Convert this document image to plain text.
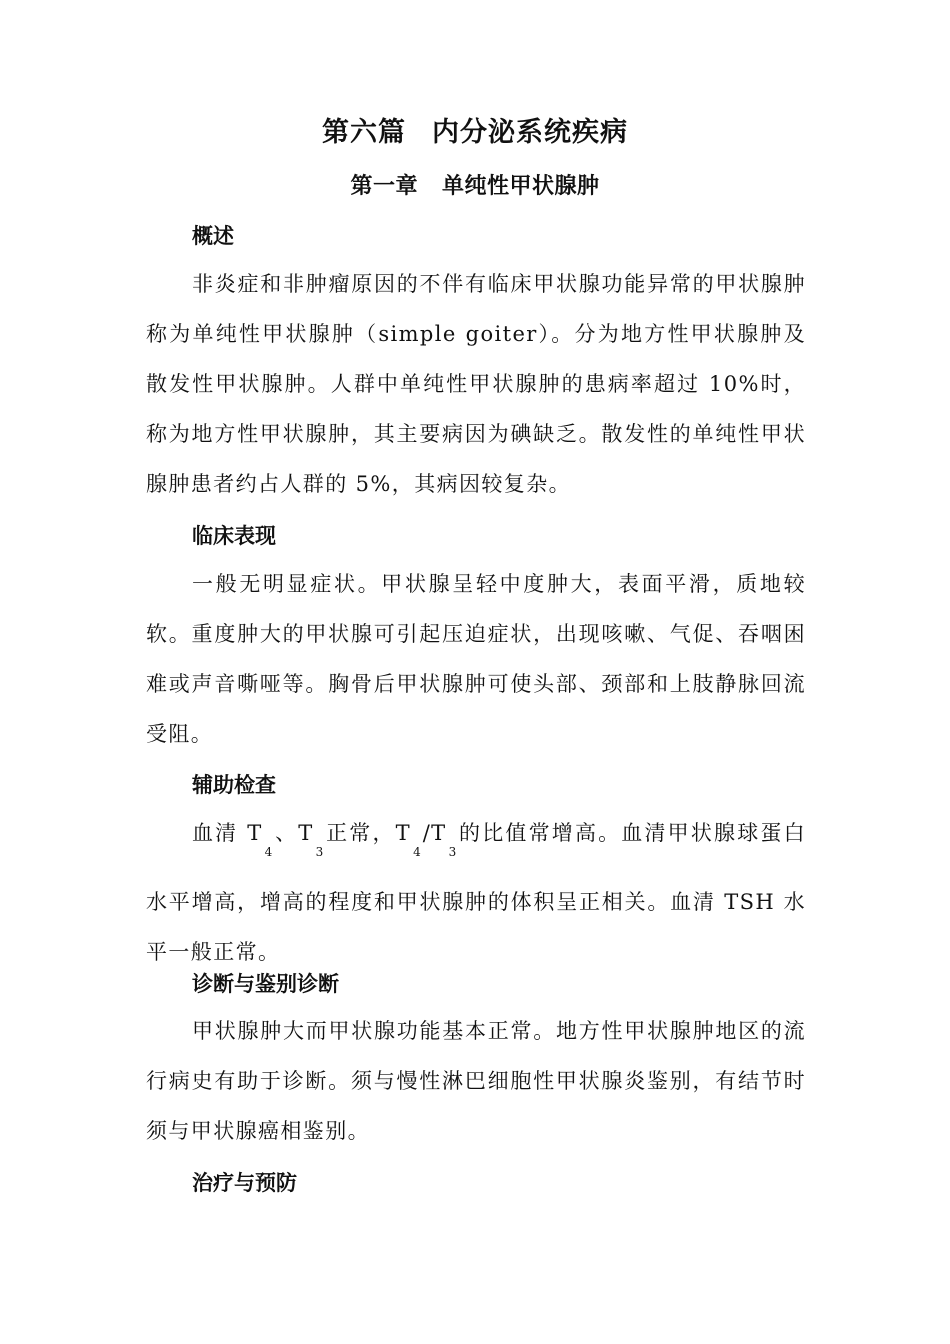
第六篇 内分泌系统疾病
第一章 单纯性甲状腺肿
概述
非炎症和非肿瘤原因的不伴有临床甲状腺功能异常的甲状腺肿称为单纯性甲状腺肿（simple goiter）。分为地方性甲状腺肿及散发性甲状腺肿。人群中单纯性甲状腺肿的患病率超过 10%时，称为地方性甲状腺肿，其主要病因为碘缺乏。散发性的单纯性甲状腺肿患者约占人群的 5%，其病因较复杂。
临床表现
一般无明显症状。甲状腺呈轻中度肿大，表面平滑，质地较软。重度肿大的甲状腺可引起压迫症状，出现咳嗽、气促、吞咽困难或声音嘶哑等。胸骨后甲状腺肿可使头部、颈部和上肢静脉回流受阻。
辅助检查
血清 $T_4$、$T_3$正常，$T_4/T_3$的比值常增高。血清甲状腺球蛋白水平增高，增高的程度和甲状腺肿的体积呈正相关。血清 TSH 水平一般正常。
诊断与鉴别诊断
甲状腺肿大而甲状腺功能基本正常。地方性甲状腺肿地区的流行病史有助于诊断。须与慢性淋巴细胞性甲状腺炎鉴别，有结节时须与甲状腺癌相鉴别。
治疗与预防
